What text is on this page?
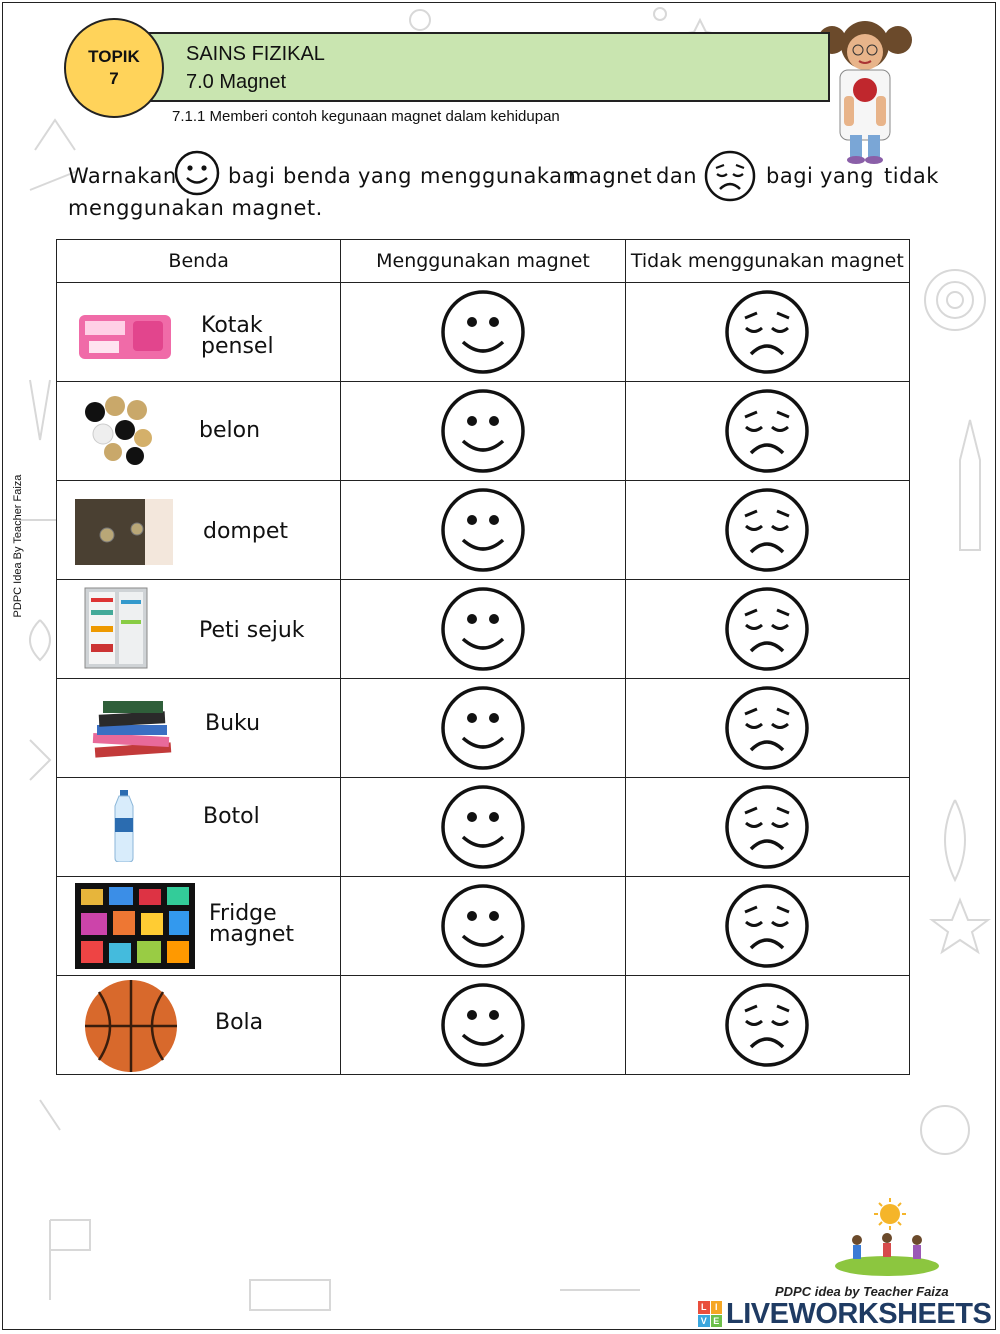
TOPIK
7
SAINS FIZIKAL
7.0 Magnet
7.1.1 Memberi contoh kegunaan magnet dalam kehidupan
Warnakan bagi benda yang menggunakan
magnet dan	bagi yang tidak
menggunakan magnet.
Benda	Menggunakan magnet	Tidak menggunakan magnet

Kotak
pensel

belon

dompet

Peti sejuk

Buku

Botol

Fridge
magnet

Bola

PDPC Idea By Teacher Faiza
PDPC idea by Teacher Faiza
L I
V E LIVEWORKSHEETS
